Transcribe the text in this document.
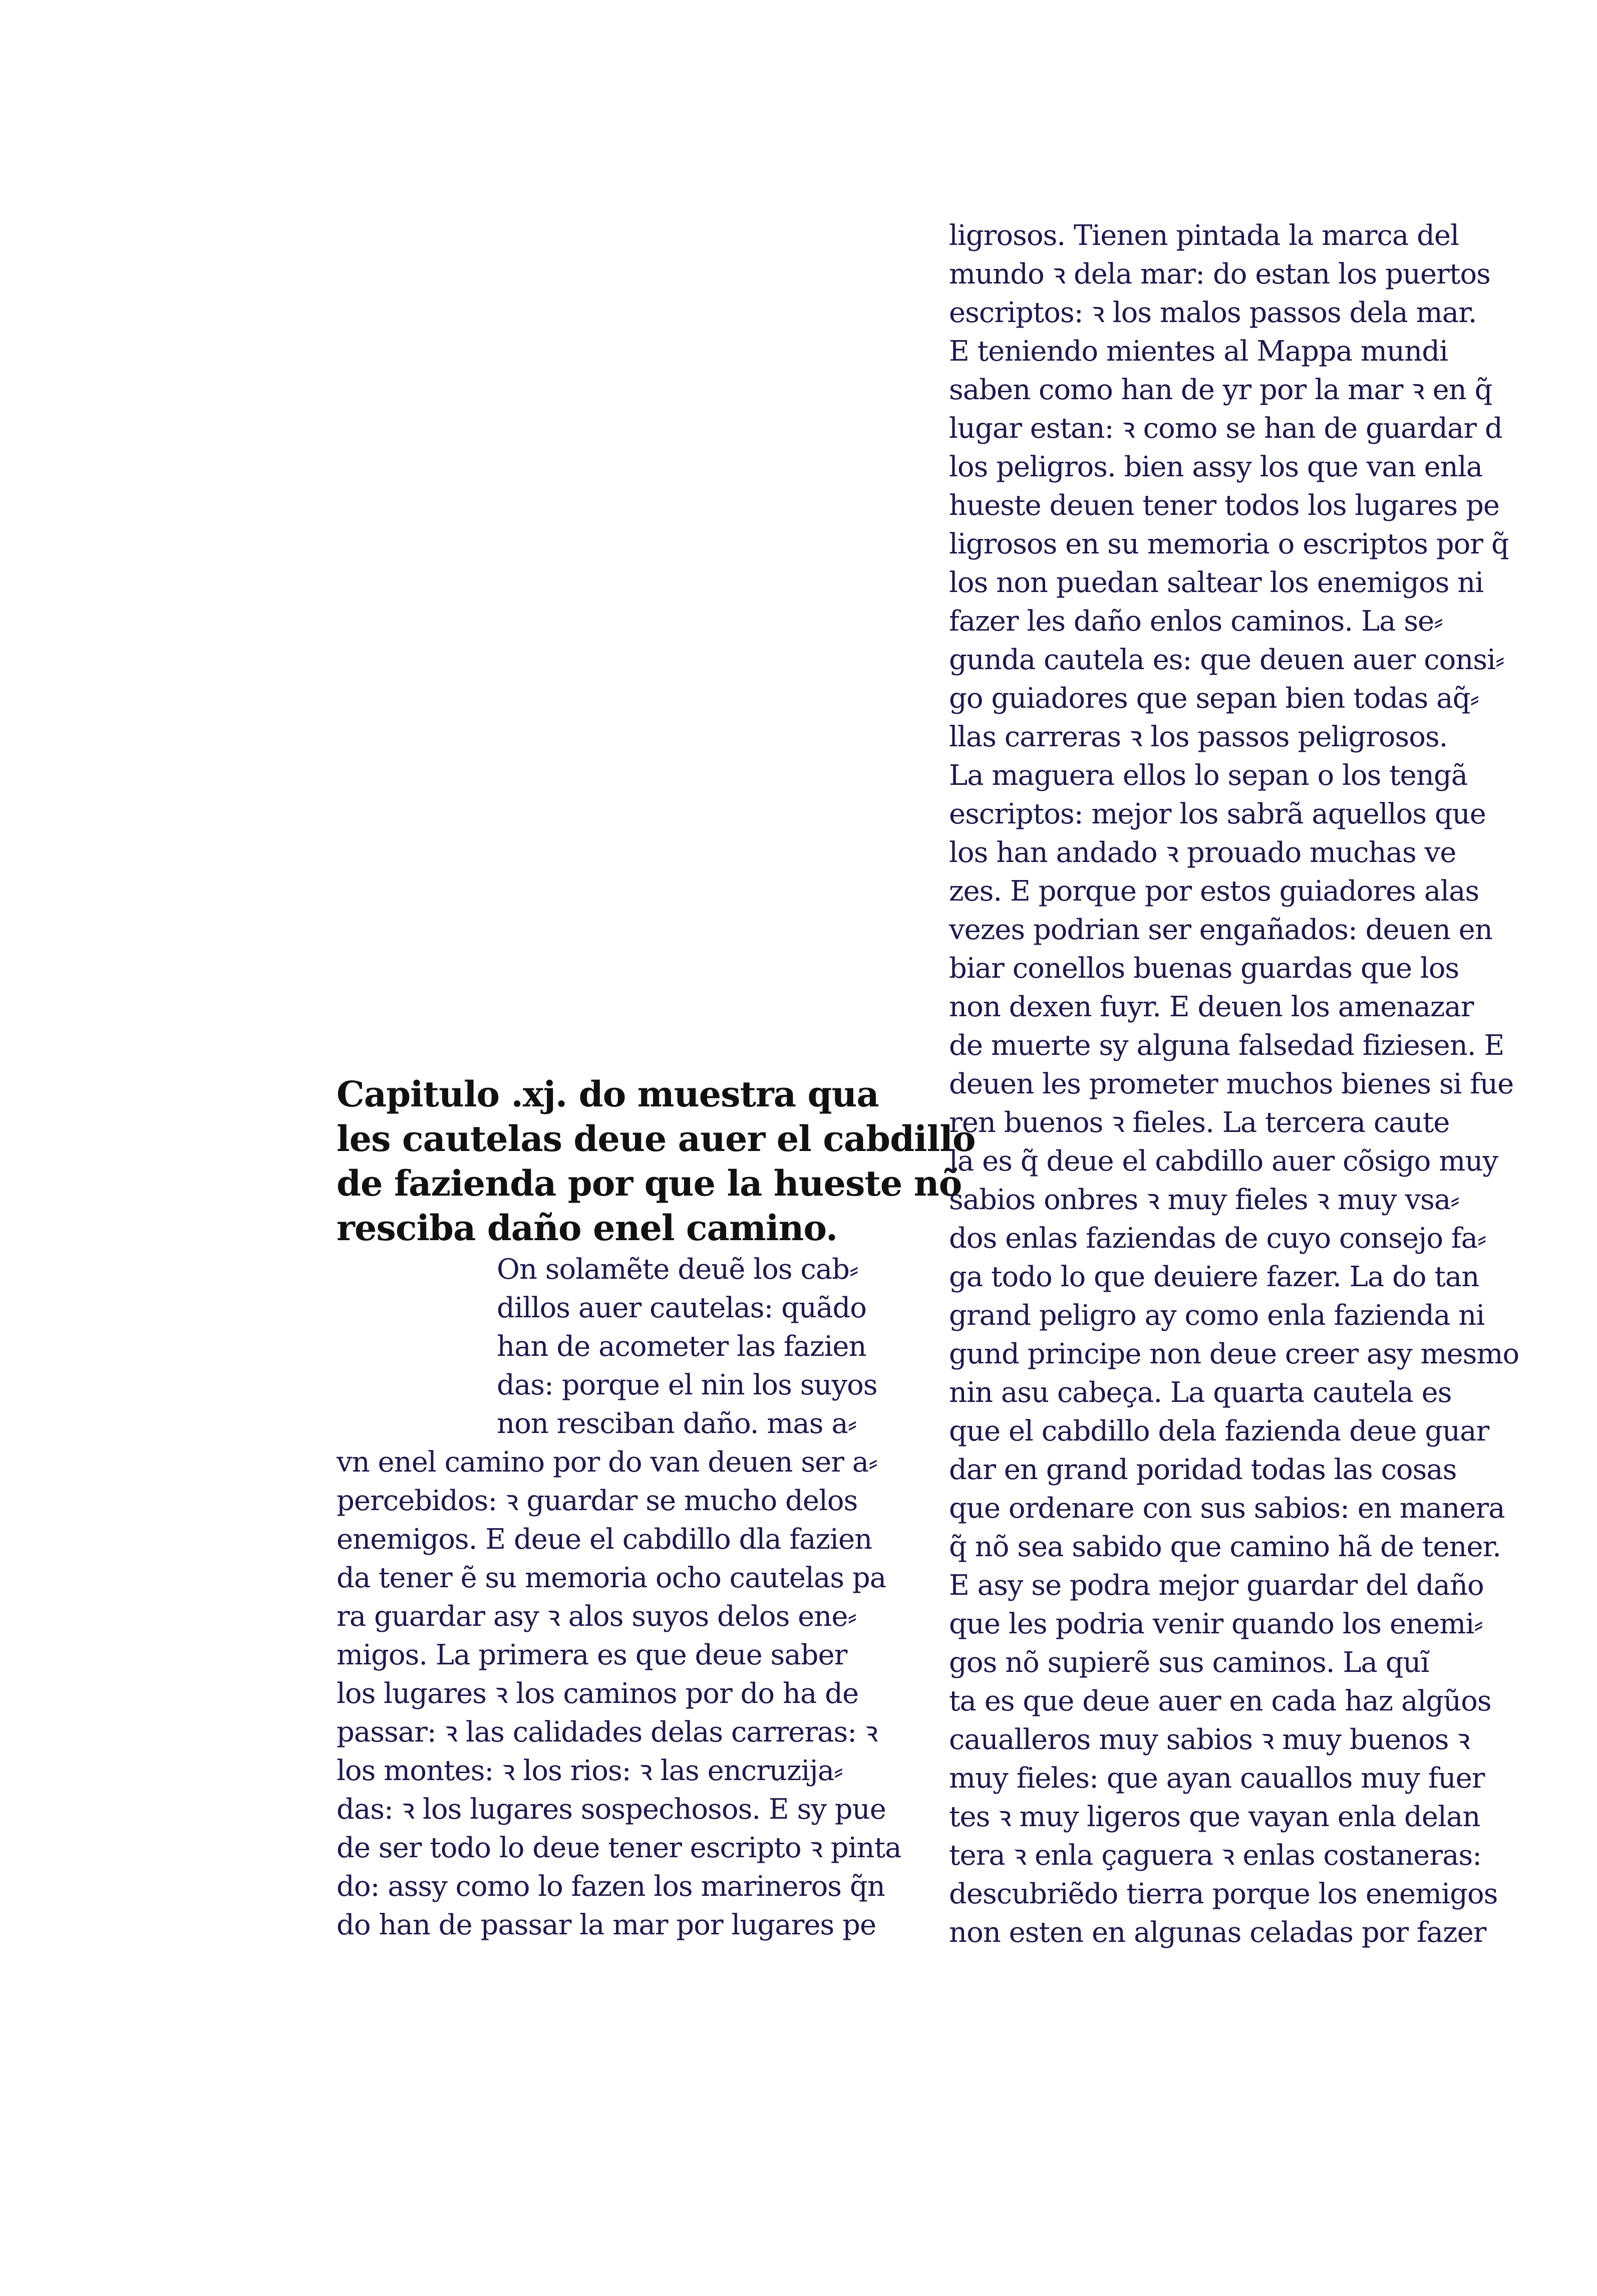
Capitulo .xj. do muestra qua
les cautelas deue auer el cabdillo
de fazienda por que la hueste nõ
resciba daño enel camino.
On solamẽte deuẽ los cab⸗
dillos auer cautelas: quãdo
han de acometer las fazien
das: porque el nin los suyos
non resciban daño. mas a⸗
vn enel camino por do van deuen ser a⸗
percebidos: ꝛ guardar se mucho delos
enemigos. E deue el cabdillo dla fazien
da tener ẽ su memoria ocho cautelas pa
ra guardar asy ꝛ alos suyos delos ene⸗
migos. La primera es que deue saber
los lugares ꝛ los caminos por do ha de
passar: ꝛ las calidades delas carreras: ꝛ
los montes: ꝛ los rios: ꝛ las encruzija⸗
das: ꝛ los lugares sospechosos. E sy pue
de ser todo lo deue tener escripto ꝛ pinta
do: assy como lo fazen los marineros q̃n
do han de passar la mar por lugares pe
ligrosos. Tienen pintada la marca del
mundo ꝛ dela mar: do estan los puertos
escriptos: ꝛ los malos passos dela mar.
E teniendo mientes al Mappa mundi
saben como han de yr por la mar ꝛ en q̃
lugar estan: ꝛ como se han de guardar d
los peligros. bien assy los que van enla
hueste deuen tener todos los lugares pe
ligrosos en su memoria o escriptos por q̃
los non puedan saltear los enemigos ni
fazer les daño enlos caminos. La se⸗
gunda cautela es: que deuen auer consi⸗
go guiadores que sepan bien todas aq̃⸗
llas carreras ꝛ los passos peligrosos.
La maguera ellos lo sepan o los tengã
escriptos: mejor los sabrã aquellos que
los han andado ꝛ prouado muchas ve
zes. E porque por estos guiadores alas
vezes podrian ser engañados: deuen en
biar conellos buenas guardas que los
non dexen fuyr. E deuen los amenazar
de muerte sy alguna falsedad fiziesen. E
deuen les prometer muchos bienes si fue
ren buenos ꝛ fieles. La tercera caute
la es q̃ deue el cabdillo auer cõsigo muy
sabios onbres ꝛ muy fieles ꝛ muy vsa⸗
dos enlas faziendas de cuyo consejo fa⸗
ga todo lo que deuiere fazer. La do tan
grand peligro ay como enla fazienda ni
gund principe non deue creer asy mesmo
nin asu cabeça. La quarta cautela es
que el cabdillo dela fazienda deue guar
dar en grand poridad todas las cosas
que ordenare con sus sabios: en manera
q̃ nõ sea sabido que camino hã de tener.
E asy se podra mejor guardar del daño
que les podria venir quando los enemi⸗
gos nõ supierẽ sus caminos. La quĩ
ta es que deue auer en cada haz algũos
caualleros muy sabios ꝛ muy buenos ꝛ
muy fieles: que ayan cauallos muy fuer
tes ꝛ muy ligeros que vayan enla delan
tera ꝛ enla çaguera ꝛ enlas costaneras:
descubriẽdo tierra porque los enemigos
non esten en algunas celadas por fazer
